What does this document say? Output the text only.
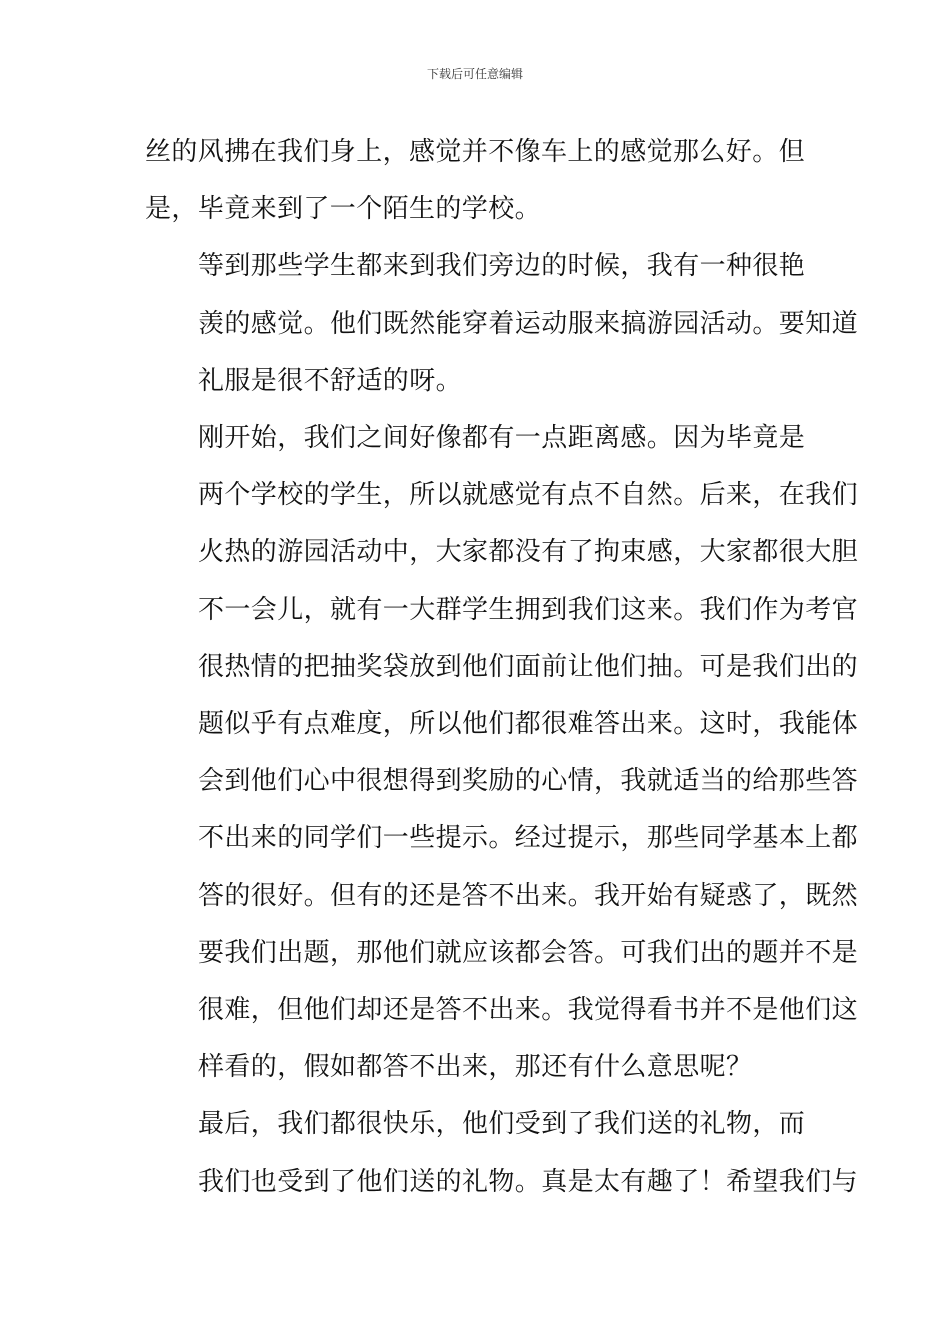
下载后可任意编辑

丝的风拂在我们身上，感觉并不像车上的感觉那么好。但
是，毕竟来到了一个陌生的学校。

等到那些学生都来到我们旁边的时候，我有一种很艳
羡的感觉。他们既然能穿着运动服来搞游园活动。要知道
礼服是很不舒适的呀。

刚开始，我们之间好像都有一点距离感。因为毕竟是
两个学校的学生，所以就感觉有点不自然。后来，在我们
火热的游园活动中，大家都没有了拘束感，大家都很大胆
不一会儿，就有一大群学生拥到我们这来。我们作为考官
很热情的把抽奖袋放到他们面前让他们抽。可是我们出的
题似乎有点难度，所以他们都很难答出来。这时，我能体
会到他们心中很想得到奖励的心情，我就适当的给那些答
不出来的同学们一些提示。经过提示，那些同学基本上都
答的很好。但有的还是答不出来。我开始有疑惑了，既然
要我们出题，那他们就应该都会答。可我们出的题并不是
很难，但他们却还是答不出来。我觉得看书并不是他们这
样看的，假如都答不出来，那还有什么意思呢？

最后，我们都很快乐，他们受到了我们送的礼物，而
我们也受到了他们送的礼物。真是太有趣了！希望我们与
